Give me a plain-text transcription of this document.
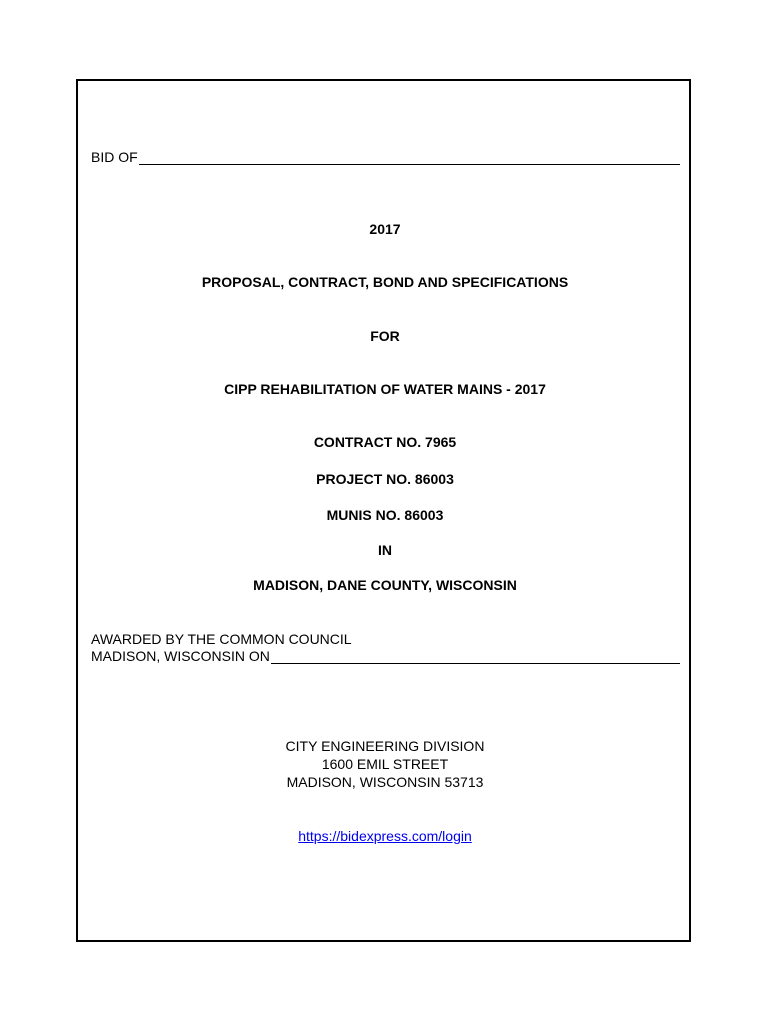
BID OF
2017
PROPOSAL, CONTRACT, BOND AND SPECIFICATIONS
FOR
CIPP REHABILITATION OF WATER MAINS - 2017
CONTRACT NO. 7965
PROJECT NO. 86003
MUNIS NO. 86003
IN
MADISON, DANE COUNTY, WISCONSIN
AWARDED BY THE COMMON COUNCIL
MADISON, WISCONSIN ON
CITY ENGINEERING DIVISION
1600 EMIL STREET
MADISON, WISCONSIN 53713
https://bidexpress.com/login
